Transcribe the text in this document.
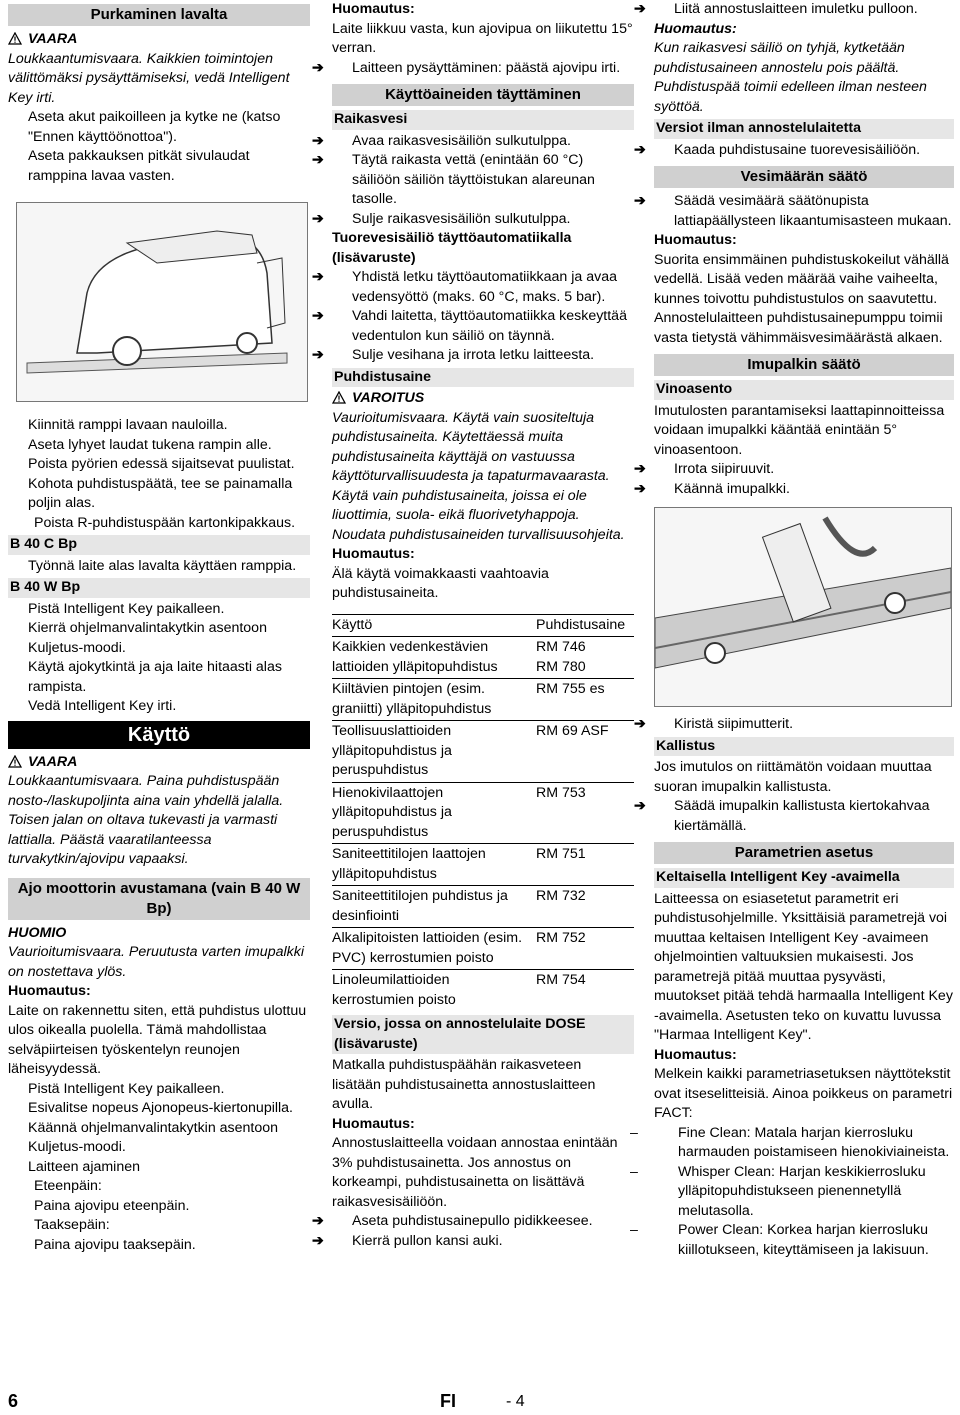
Purkaminen lavalta
VAARA
Loukkaantumisvaara. Kaikkien toimintojen välittömäksi pysäyttämiseksi, vedä Intelligent Key irti.
➔ Aseta akut paikoilleen ja kytke ne (katso "Ennen käyttöönottoa").
➔ Aseta pakkauksen pitkät sivulaudat ramppina lavaa vasten.
➔ Kiinnitä ramppi lavaan nauloilla.
➔ Aseta lyhyet laudat tukena rampin alle.
➔ Poista pyörien edessä sijaitsevat puulistat.
➔ Kohota puhdistuspäätä, tee se painamalla poljin alas.
Poista R-puhdistuspään kartonkipakkaus.
B 40 C Bp
➔ Työnnä laite alas lavalta käyttäen ramppia.
B 40 W Bp
➔ Pistä Intelligent Key paikalleen.
➔ Kierrä ohjelmanvalintakytkin asentoon Kuljetus-moodi.
➔ Käytä ajokytkintä ja aja laite hitaasti alas rampista.
➔ Vedä Intelligent Key irti.
Käyttö
VAARA
Loukkaantumisvaara. Paina puhdistuspään nosto-/laskupoljinta aina vain yhdellä jalalla. Toisen jalan on oltava tukevasti ja varmasti lattialla. Päästä vaaratilanteessa turvakytkin/ajovipu vapaaksi.
Ajo moottorin avustamana (vain B 40 W Bp)
HUOMIO
Vaurioitumisvaara. Peruutusta varten imupalkki on nostettava ylös.
Huomautus:
Laite on rakennettu siten, että puhdistus ulottuu ulos oikealla puolella. Tämä mahdollistaa selväpiirteisen työskentelyn reunojen läheisyydessä.
➔ Pistä Intelligent Key paikalleen.
➔ Esivalitse nopeus Ajonopeus-kiertonupilla.
➔ Käännä ohjelmanvalintakytkin asentoon Kuljetus-moodi.
➔ Laitteen ajaminen
Eteenpäin:
Paina ajovipu eteenpäin.
Taaksepäin:
Paina ajovipu taaksepäin.
Huomautus:
Laite liikkuu vasta, kun ajovipua on liikutettu 15° verran.
➔ Laitteen pysäyttäminen: päästä ajovipu irti.
Käyttöaineiden täyttäminen
Raikasvesi
➔ Avaa raikasvesisäiliön sulkutulppa.
➔ Täytä raikasta vettä (enintään 60 °C) säiliöön säiliön täyttöistukan alareunan tasolle.
➔ Sulje raikasvesisäiliön sulkutulppa.
Tuorevesisäiliö täyttöautomatiikalla (lisävaruste)
➔ Yhdistä letku täyttöautomatiikkaan ja avaa vedensyöttö (maks. 60 °C, maks. 5 bar).
➔ Vahdi laitetta, täyttöautomatiikka keskeyttää vedentulon kun säiliö on täynnä.
➔ Sulje vesihana ja irrota letku laitteesta.
Puhdistusaine
VAROITUS
Vaurioitumisvaara. Käytä vain suositeltuja puhdistusaineita. Käytettäessä muita puhdistusaineita käyttäjä on vastuussa käyttöturvallisuudesta ja tapaturmavaarasta. Käytä vain puhdistusaineita, joissa ei ole liuottimia, suola- eikä fluorivetyhappoja. Noudata puhdistusaineiden turvallisuusohjeita.
Huomautus:
Älä käytä voimakkaasti vaahtoavia puhdistusaineita.
Käyttö	Puhdistusaine
Kaikkien vedenkestävien lattioiden ylläpitopuhdistus	RM 746
RM 780
Kiiltävien pintojen (esim. graniitti) ylläpitopuhdistus	RM 755 es
Teollisuuslattioiden ylläpitopuhdistus ja peruspuhdistus	RM 69 ASF
Hienokivilaattojen ylläpitopuhdistus ja peruspuhdistus	RM 753
Saniteettitilojen laattojen ylläpitopuhdistus	RM 751
Saniteettitilojen puhdistus ja desinfiointi	RM 732
Alkalipitoisten lattioiden (esim. PVC) kerrostumien poisto	RM 752
Linoleumilattioiden kerrostumien poisto	RM 754
Versio, jossa on annostelulaite DOSE (lisävaruste)
Matkalla puhdistuspäähän raikasveteen lisätään puhdistusainetta annostuslaitteen avulla.
Huomautus:
Annostuslaitteella voidaan annostaa enintään 3% puhdistusainetta. Jos annostus on korkeampi, puhdistusainetta on lisättävä raikasvesisäiliöön.
➔ Aseta puhdistusainepullo pidikkeesee.
➔ Kierrä pullon kansi auki.
➔ Liitä annostuslaitteen imuletku pulloon.
Huomautus:
Kun raikasvesi säiliö on tyhjä, kytketään puhdistusaineen annostelu pois päältä. Puhdistuspää toimii edelleen ilman nesteen syöttöä.
Versiot ilman annostelulaitetta
➔ Kaada puhdistusaine tuorevesisäiliöön.
Vesimäärän säätö
➔ Säädä vesimäärä säätönupista lattiapäällysteen likaantumisasteen mukaan.
Huomautus:
Suorita ensimmäinen puhdistuskokeilut vähällä vedellä. Lisää veden määrää vaihe vaiheelta, kunnes toivottu puhdistustulos on saavutettu.
Annostelulaitteen puhdistusainepumppu toimii vasta tietystä vähimmäisvesimäärästä alkaen.
Imupalkin säätö
Vinoasento
Imutulosten parantamiseksi laattapinnoitteissa voidaan imupalkki kääntää enintään 5° vinoasentoon.
➔ Irrota siipiruuvit.
➔ Käännä imupalkki.
➔ Kiristä siipimutterit.
Kallistus
Jos imutulos on riittämätön voidaan muuttaa suoran imupalkin kallistusta.
➔ Säädä imupalkin kallistusta kiertokahvaa kiertämällä.
Parametrien asetus
Keltaisella Intelligent Key -avaimella
Laitteessa on esiasetetut parametrit eri puhdistusohjelmille. Yksittäisiä parametrejä voi muuttaa keltaisen Intelligent Key -avaimeen ohjelmointien valtuuksien mukaisesti. Jos parametrejä pitää muuttaa pysyvästi, muutokset pitää tehdä harmaalla Intelligent Key -avaimella. Asetusten teko on kuvattu luvussa "Harmaa Intelligent Key".
Huomautus:
Melkein kaikki parametriasetuksen näyttötekstit ovat itseselitteisiä. Ainoa poikkeus on parametri FACT:
– Fine Clean: Matala harjan kierrosluku harmauden poistamiseen hienokiviaineista.
– Whisper Clean: Harjan keskikierrosluku ylläpitopuhdistukseen pienennetyllä melutasolla.
– Power Clean: Korkea harjan kierrosluku kiillotukseen, kiteyttämiseen ja lakisuun.
6	FI	- 4
